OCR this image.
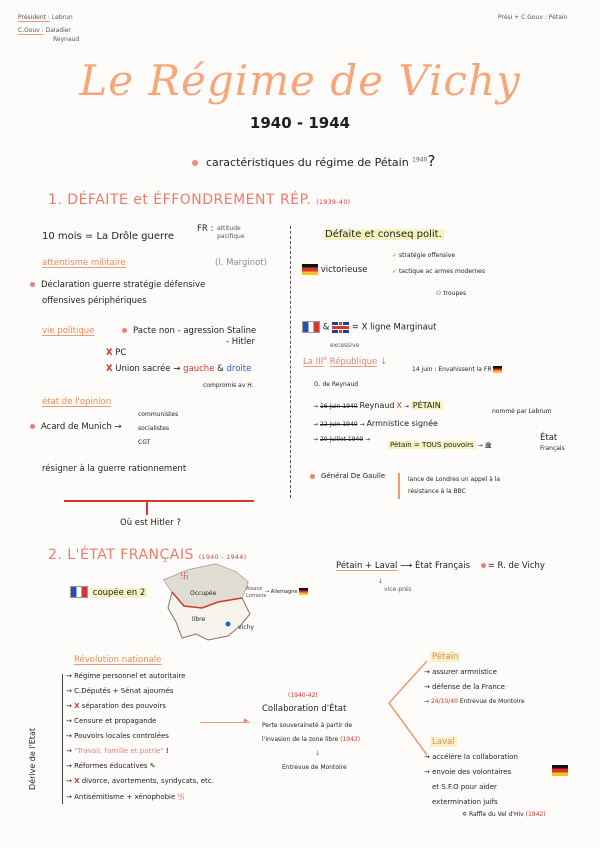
Président : Lebrun
C.Gouv : Daladier
Reynaud
Prési + C.Gouv : Pétain
Le Régime de Vichy
1940 - 1944
caractéristiques du régime de Pétain $^{1940}$?
1. DÉFAITE et ÉFFONDREMENT RÉP. (1939-40)
10 mois = La Drôle guerre
FR : attitude
pacifique
attentisme militaire	(l. Marginot)
Déclaration guerre stratégie défensive
offensives périphériques
vie politique	Pacte non - agression Staline
- Hitler
X PC
X Union sacrée → gauche & droite
compromis av H.
état de l'opinion
Acard de Munich →
communistes
socialistes
CGT
résigner à la guerre rationnement
Où est Hitler ?
Défaite et conseq polit.
victorieuse
✓ stratégie offensive
✓ tactique ac armes modernes
⚇ troupes
&  = X ligne Marginaut
excessive
La IIIe République ↓
14 juin : Envahissent la FR
G. de Reynaud
→ 16 juin 1940 Reynaud X → PÉTAIN
nommé par Lebrum
→ 22 juin 1940 → Armnistice signée
→ 20 juillet 1940 →
Pétain = TOUS pouvoirs → 🏛
État
Français
Général De Gaulle	lance de Londres un appel à la
résistance à la BBC
2. L'ÉTAT FRANÇAIS (1940 - 1944)
Pétain + Laval ⟶ État Français = R. de Vichy
↓
vice-prés
coupée en 2
卐
Occupée
libre
vichy
Alsace
Lorraine
→ Allemagne
Révolution nationale
Dérive de l'Etat
→ Régime personnel et autoritaire
→ C.Députés + Sénat ajournés
→ X séparation des pouvoirs
→ Censure et propagande
→ Pouvoirs locales controlées
→ "Travail, famille et patrie" !
→ Réformes éducatives ✎
→ X divorce, avortements, syndycats, etc.
→ Antisémitisme + xénophobie 卐
▸
(1940-42)
Collaboration d'État
Perte souveraineté à partir de
l'invasion de la zone libre (1942)
↓
Entrevue de Montoire
Pétain
→ assurer armnistice
→ défense de la France
→ 24/10/40 Entrevue de Montoire
Laval
→ accélère la collaboration
→ envoie des volontaires
et S.F.O pour aider
extermination juifs
✡ Raffle du Vel d'Hiv (1942)
